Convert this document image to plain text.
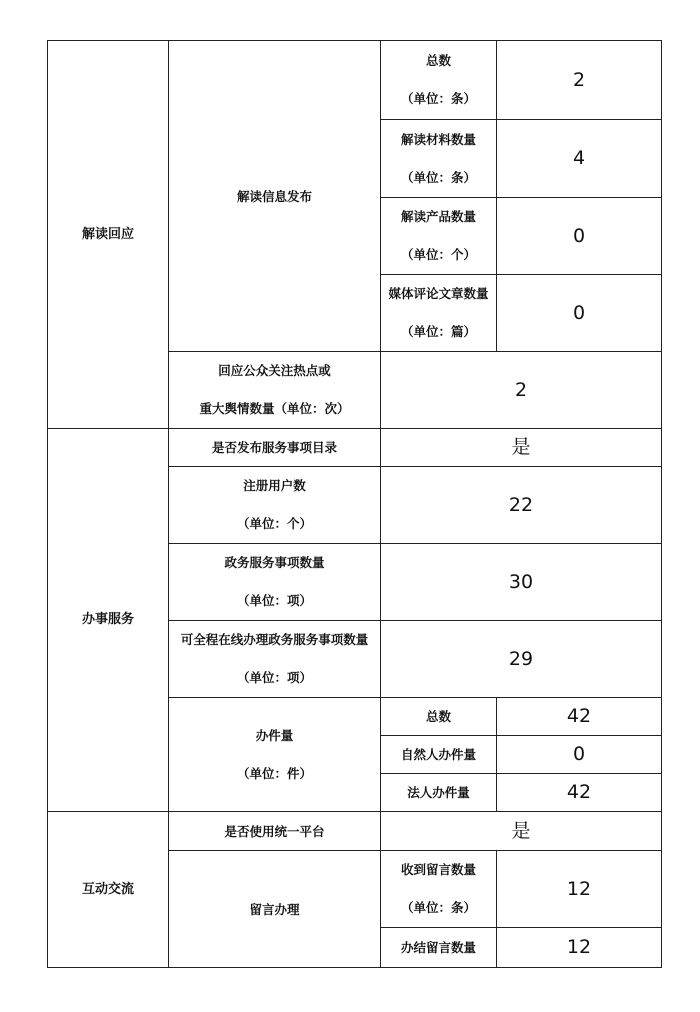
解读回应	解读信息发布	总数
（单位：条）	2

		解读材料数量
（单位：条）	4

		解读产品数量
（单位：个）	0

		媒体评论文章数量
（单位：篇）	0

	回应公众关注热点或
重大舆情数量（单位：次）	2	
办事服务	是否发布服务事项目录	是	

	注册用户数
（单位：个）	22	

	政务服务事项数量
（单位：项）	30	

	可全程在线办理政务服务事项数量
（单位：项）	29	

	办件量
（单位：件）	总数	42
		自然人办件量	0
		法人办件量	42
互动交流	是否使用统一平台	是	
	留言办理	收到留言数量
（单位：条）	12
		办结留言数量	12
